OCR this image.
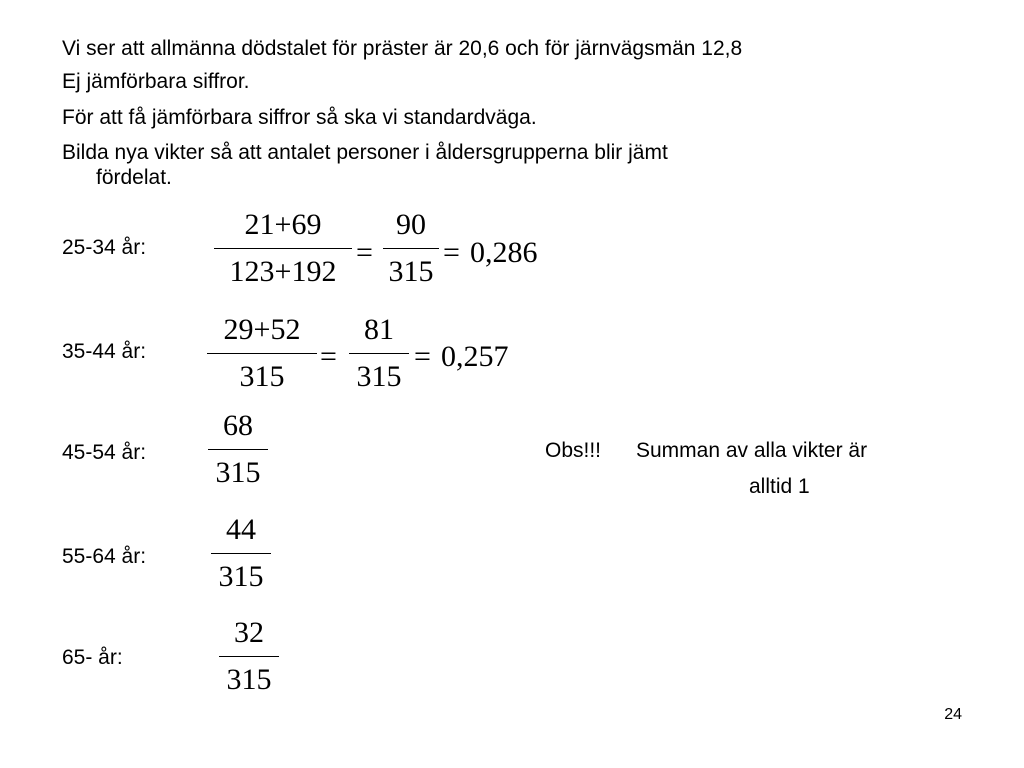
Vi ser att allmänna dödstalet för präster är 20,6 och för järnvägsmän 12,8
Ej jämförbara siffror.
För att få jämförbara siffror så ska vi standardväga.
Bilda nya vikter så att antalet personer i åldersgrupperna blir jämt
fördelat.
25-34 år:
21+69
123+192
=
90
315
= 0,286
35-44 år:
29+52
315
=
81
315
= 0,257
45-54 år:
68
315
Obs!!! Summan av alla vikter är
alltid 1
55-64 år:
44
315
65- år:
32
315
24
